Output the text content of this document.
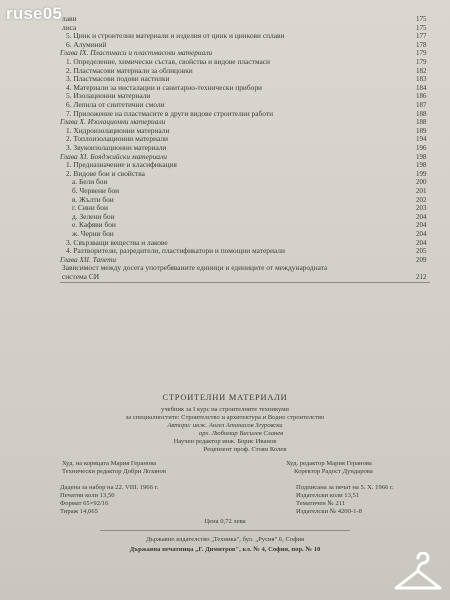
ruse05 лави	175
лиса	175
5. Цинк и строителни материали и изделия от цинк и цинкови сплави	177
6. Алуминий	178
Глава IX. Пластмаси и пластмасови материали	179
1. Определение, химически състав, свойства и видове пластмаси	179
2. Пластмасови материали за облицовки	182
3. Пластмасови подови настилки	183
4. Материали за инсталации и санитарно-технически прибори	184
5. Изолационни материали	186
6. Лепила от синтетични смоли	187
7. Приложение на пластмасите в други видове строителни работи	188
Глава X. Изолационни материали	188
1. Хидроизолационни материали	189
2. Топлоизолационни материали	194
3. Звукоизолационни материали	196
Глава XI. Бояджийски материали	198
1. Предназначение и класификация	198
2. Видове бои и свойства	199
а. Бели бои	200
б. Червени бои	201
в. Жълти бои	202
г. Сини бои	203
д. Зелени бои	204
е. Кафяви бои	204
ж. Черни бои	204
3. Свързващи вещества и лакове	204
4. Разтворители, разредители, пластификатори и помощни материали	205
Глава XII. Тапети	209
Зависимост между досега употребяваните единици и единиците от международната
система СИ	212
СТРОИТЕЛНИ МАТЕРИАЛИ
учебник за I курс на строителните техникуми
за специалностите: Строителство и архитектура и Водно строителство
Автори: инж. Ангел Атанасов Згуровски
арх. Любомир Василев Сланев
Научен редактор инж. Борис Иванов
Рецензент проф. Стоян Колев
Худ. на корицата Мария Геранова
Технически редактор Добри Лозанов
Худ. редактор Мария Геранова
Коректор Радост Дундарова
Дадена за набор на 22. VIII. 1966 г.
Печатни коли 13,50
Формат 65×92/16
Тираж 14,065
Подписана за печат на 5. X. 1966 г.
Издателски коли 13,51
Тематичен № 211
Издателски № 4200-1-8
Цена 0,72 лева
Държавно издателство „Техника", бул. „Русия" 6, София
Държавна печатница „Г. Димитров", кл. № 4, София, пор. № 10
